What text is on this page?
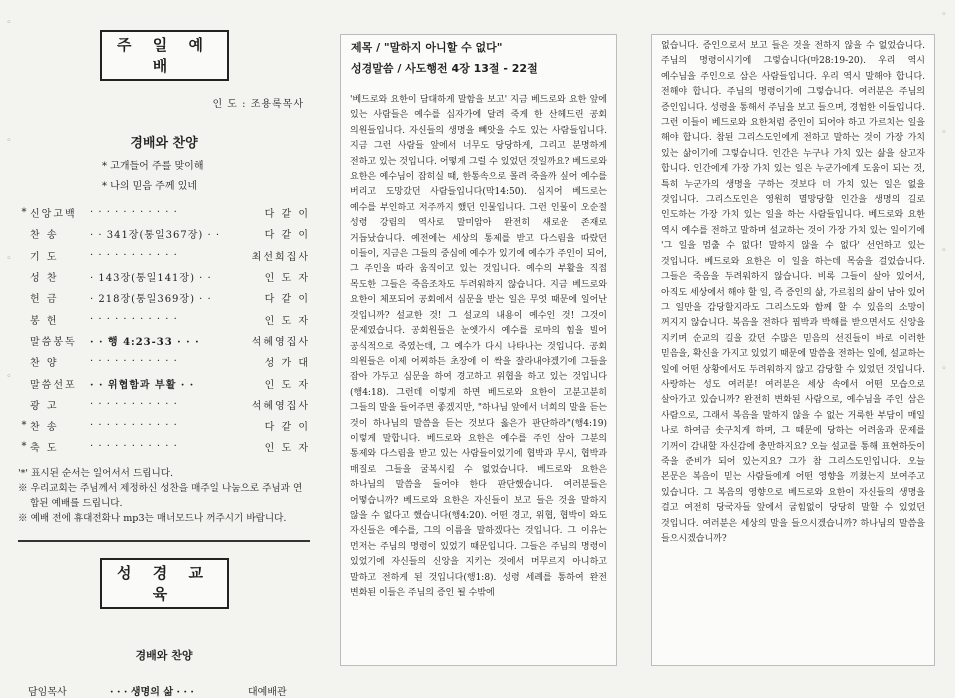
◦
◦
◦
◦
주 일 예 배
인 도 : 조용록목사
경배와 찬양
* 고개들어 주를 맞이해
* 나의 믿음 주께 있네
* 신앙고백	· · · · · · · · · · ·	다 같 이
찬 송	· · 341장(통일367장) · ·	다 같 이
기 도	· · · · · · · · · · ·	최선희집사
성 찬	· 143장(통일141장) · ·	인 도 자
헌 금	· 218장(통일369장) · ·	다 같 이
봉 헌	· · · · · · · · · · ·	인 도 자
말씀봉독	· · 행 4:23-33 · · ·	석혜영집사
찬 양	· · · · · · · · · · ·	성 가 대
말씀선포	· · 위협함과 부활 · ·	인 도 자
광 고	· · · · · · · · · · ·	석혜영집사
* 찬 송	· · · · · · · · · · ·	다 같 이
* 축 도	· · · · · · · · · · ·	인 도 자

'*' 표시된 순서는 일어서서 드립니다.

※ 우리교회는 주님께서 제정하신 성찬을 매주일 나눔으로 주님과 연합된 예배를 드립니다.

※ 예배 전에 휴대전화나 mp3는 매너모드나 꺼주시기 바랍니다.

성 경 교 육
경배와 찬양
담임목사	· · · 생명의 삶 · · ·	대예배관
제목 / "말하지 아니할 수 없다"
성경말씀 / 사도행전 4장 13절 - 22절
'베드로와 요한이 담대하게 말함을 보고' 지금 베드로와 요한 앞에 있는 사람들은 예수를 십자가에 달려 죽게 한 산헤드린 공회 의원들입니다. 자신들의 생명을 빼앗을 수도 있는 사람들입니다. 지금 그런 사람들 앞에서 너무도 당당하게, 그리고 분명하게 전하고 있는 것입니다. 어떻게 그럴 수 있었던 것일까요? 베드로와 요한은 예수님이 잡히실 때, 한통속으로 몰려 죽을까 싶어 예수를 버리고 도망갔던 사람들입니다(막14:50). 심지어 베드로는 예수를 부인하고 저주까지 했던 인물입니다. 그런 인물이 오순절 성령 강림의 역사로 말미암아 완전히 새로운 존재로 거듭났습니다. 예전에는 세상의 통제를 받고 다스림을 따랐던 이들이, 지금은 그들의 중심에 예수가 있기에 예수가 주인이 되어, 그 주인을 따라 움직이고 있는 것입니다. 예수의 부활을 직접 목도한 그들은 죽음조차도 두려워하지 않습니다. 지금 베드로와 요한이 체포되어 공회에서 심문을 받는 일은 무엇 때문에 일어난 것입니까? 설교한 것! 그 설교의 내용이 예수인 것! 그것이 문제였습니다. 공회원들은 눈엣가시 예수를 로마의 힘을 빌어 공식적으로 죽였는데, 그 예수가 다시 나타나는 것입니다. 공회 의원들은 이제 어찌하든 초장에 이 싹을 잘라내야겠기에 그들을 잡아 가두고 심문을 하여 경고하고 위협을 하고 있는 것입니다(행4:18). 그런데 이렇게 하면 베드로와 요한이 고분고분히 그들의 말을 들어주면 좋겠지만, "하나님 앞에서 너희의 말을 듣는 것이 하나님의 말씀을 듣는 것보다 옳은가 판단하라"(행4:19) 이렇게 말합니다. 베드로와 요한은 예수를 주인 삼아 그분의 통제와 다스림을 받고 있는 사람들이었기에 협박과 무시, 협박과 매질로 그들을 굴복시킬 수 없었습니다. 베드로와 요한은 하나님의 말씀을 들어야 한다 판단했습니다. 여러분들은 어떻습니까? 베드로와 요한은 자신들이 보고 들은 것을 말하지 않을 수 없다고 했습니다(행4:20). 어떤 경고, 위협, 협박이 와도 자신들은 예수를, 그의 이름을 말하겠다는 것입니다. 그 이유는 먼저는 주님의 명령이 있었기 때문입니다. 그들은 주님의 명령이 있었기에 자신들의 신앙을 지키는 것에서 머무르지 아니하고 말하고 전하게 된 것입니다(행1:8). 성령 세례를 통하여 완전 변화된 이들은 주님의 증인 될 수밖에
없습니다. 증인으로서 보고 들은 것을 전하지 않을 수 없었습니다. 주님의 명령이시기에 그렇습니다(마28:19-20). 우리 역시 예수님을 주인으로 삼은 사람들입니다. 우리 역시 말해야 합니다. 전해야 합니다. 주님의 명령이기에 그렇습니다. 여러분은 주님의 증인입니다. 성령을 통해서 주님을 보고 들으며, 경험한 이들입니다. 그런 이들이 베드로와 요한처럼 증인이 되어야 하고 가르치는 일을 해야 합니다. 참된 그리스도인에게 전하고 말하는 것이 가장 가치 있는 삶이기에 그렇습니다. 인간은 누구나 가치 있는 삶을 살고자 합니다. 인간에게 가장 가치 있는 일은 누군가에게 도움이 되는 것, 특히 누군가의 생명을 구하는 것보다 더 가치 있는 일은 없을 것입니다. 그리스도인은 영원히 멸망당할 인간을 생명의 길로 인도하는 가장 가치 있는 일을 하는 사람들입니다. 베드로와 요한 역시 예수를 전하고 말하며 설교하는 것이 가장 가치 있는 일이기에 '그 일을 멈출 수 없다! 말하지 않을 수 없다' 선언하고 있는 것입니다. 베드로와 요한은 이 일을 하는데 목숨을 걸었습니다. 그들은 죽음을 두려워하지 않습니다. 비록 그들이 살아 있어서, 아직도 세상에서 해야 할 일, 즉 증인의 삶, 가르침의 삶이 남아 있어 그 일만을 감당할지라도 그리스도와 함께 할 수 있음의 소망이 꺼지지 않습니다. 복음을 전하다 핍박과 박해를 받으면서도 신앙을 지키며 순교의 길을 갔던 수많은 믿음의 선진들이 바로 이러한 믿음을, 확신을 가지고 있었기 때문에 말씀을 전하는 일에, 설교하는 일에 어떤 상황에서도 두려워하지 않고 감당할 수 있었던 것입니다. 사랑하는 성도 여러분! 여러분은 세상 속에서 어떤 모습으로 살아가고 있습니까? 완전히 변화된 사람으로, 예수님을 주인 삼은 사람으로, 그래서 복음을 말하지 않을 수 없는 거룩한 부담이 매일 나로 하여금 솟구치게 하며, 그 때문에 당하는 어려움과 문제를 기꺼이 감내할 자신감에 충만하지요? 오늘 설교를 통해 표현하듯이 죽을 준비가 되어 있는지요? 그가 참 그리스도인입니다. 오늘 본문은 복음이 믿는 사람들에게 어떤 영향을 끼쳤는지 보여주고 있습니다. 그 복음의 영향으로 베드로와 요한이 자신들의 생명을 걸고 여전히 당국자들 앞에서 굽힘없이 당당히 말할 수 있었던 것입니다. 여러분은 세상의 말을 들으시겠습니까? 하나님의 말씀을 들으시겠습니까?
◦
◦
◦
◦
